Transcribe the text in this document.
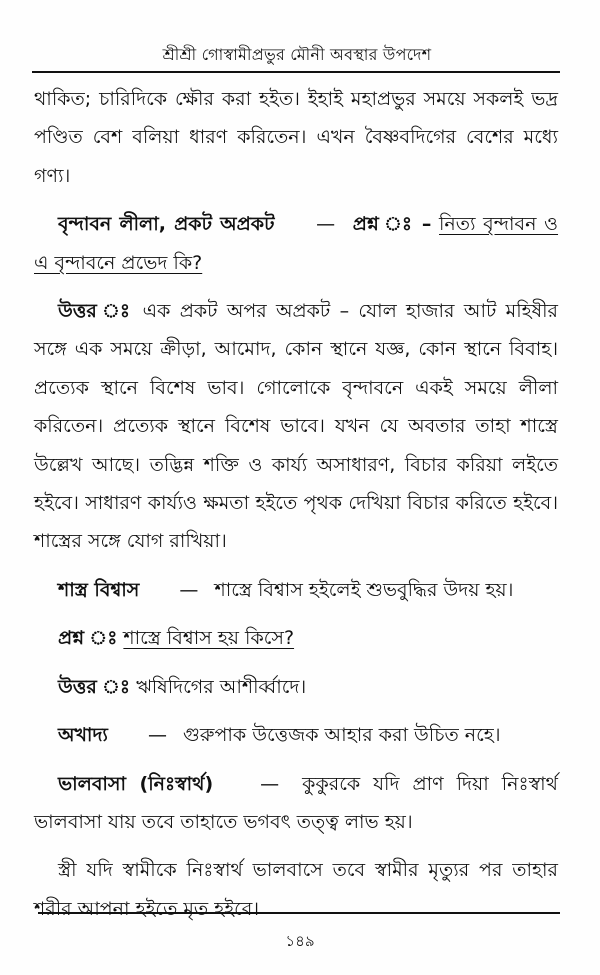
শ্রীশ্রী গোস্বামীপ্রভুর মৌনী অবস্থার উপদেশ

থাকিত; চারিদিকে ক্ষৌর করা হইত। ইহাই মহাপ্রভুর সময়ে সকলই ভদ্র পণ্ডিত বেশ বলিয়া ধারণ করিতেন। এখন বৈষ্ণবদিগের বেশের মধ্যে গণ্য।

বৃন্দাবন লীলা, প্রকট অপ্রকট — প্রশ্ন ঃ – নিত্য বৃন্দাবন ও এ বৃন্দাবনে প্রভেদ কি?

উত্তর ঃ এক প্রকট অপর অপ্রকট – যোল হাজার আট মহিষীর সঙ্গে এক সময়ে ক্রীড়া, আমোদ, কোন স্থানে যজ্ঞ, কোন স্থানে বিবাহ। প্রত্যেক স্থানে বিশেষ ভাব। গোলোকে বৃন্দাবনে একই সময়ে লীলা করিতেন। প্রত্যেক স্থানে বিশেষ ভাবে। যখন যে অবতার তাহা শাস্ত্রে উল্লেখ আছে। তদ্ভিন্ন শক্তি ও কার্য্য অসাধারণ, বিচার করিয়া লইতে হইবে। সাধারণ কার্য্যও ক্ষমতা হইতে পৃথক দেখিয়া বিচার করিতে হইবে। শাস্ত্রের সঙ্গে যোগ রাখিয়া।

শাস্ত্র বিশ্বাস — শাস্ত্রে বিশ্বাস হইলেই শুভবুদ্ধির উদয় হয়।

প্রশ্ন ঃ শাস্ত্রে বিশ্বাস হয় কিসে?

উত্তর ঃ ঋষিদিগের আশীর্ব্বাদে।

অখাদ্য — গুরুপাক উত্তেজক আহার করা উচিত নহে।

ভালবাসা (নিঃস্বার্থ) — কুকুরকে যদি প্রাণ দিয়া নিঃস্বার্থ ভালবাসা যায় তবে তাহাতে ভগবৎ তত্ত্ব লাভ হয়।

স্ত্রী যদি স্বামীকে নিঃস্বার্থ ভালবাসে তবে স্বামীর মৃত্যুর পর তাহার শরীর আপনা হইতে মৃত হইবে।

১৪৯
